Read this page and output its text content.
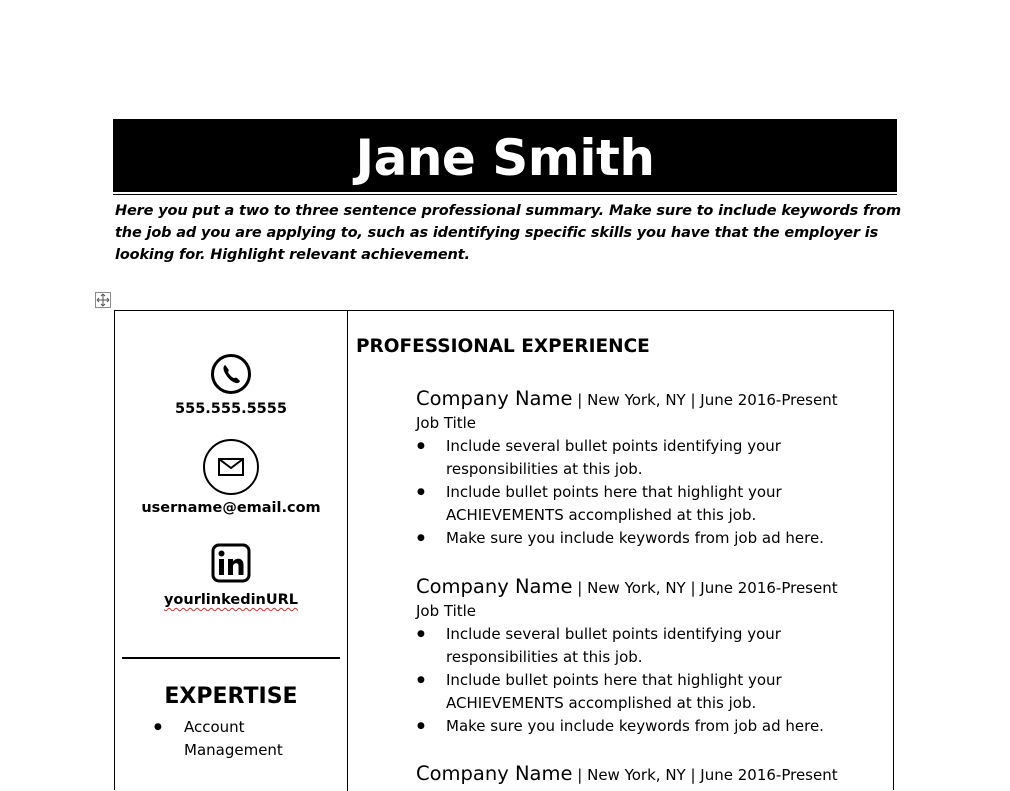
Jane Smith
Here you put a two to three sentence professional summary. Make sure to include keywords from the job ad you are applying to, such as identifying specific skills you have that the employer is looking for. Highlight relevant achievement.
555.555.5555
username@email.com
yourlinkedinURL
EXPERTISE
● Account Management
PROFESSIONAL EXPERIENCE
Company Name | New York, NY | June 2016-Present
Job Title
● Include several bullet points identifying your responsibilities at this job.
● Include bullet points here that highlight your ACHIEVEMENTS accomplished at this job.
● Make sure you include keywords from job ad here.
Company Name | New York, NY | June 2016-Present
Job Title
● Include several bullet points identifying your responsibilities at this job.
● Include bullet points here that highlight your ACHIEVEMENTS accomplished at this job.
● Make sure you include keywords from job ad here.
Company Name | New York, NY | June 2016-Present
